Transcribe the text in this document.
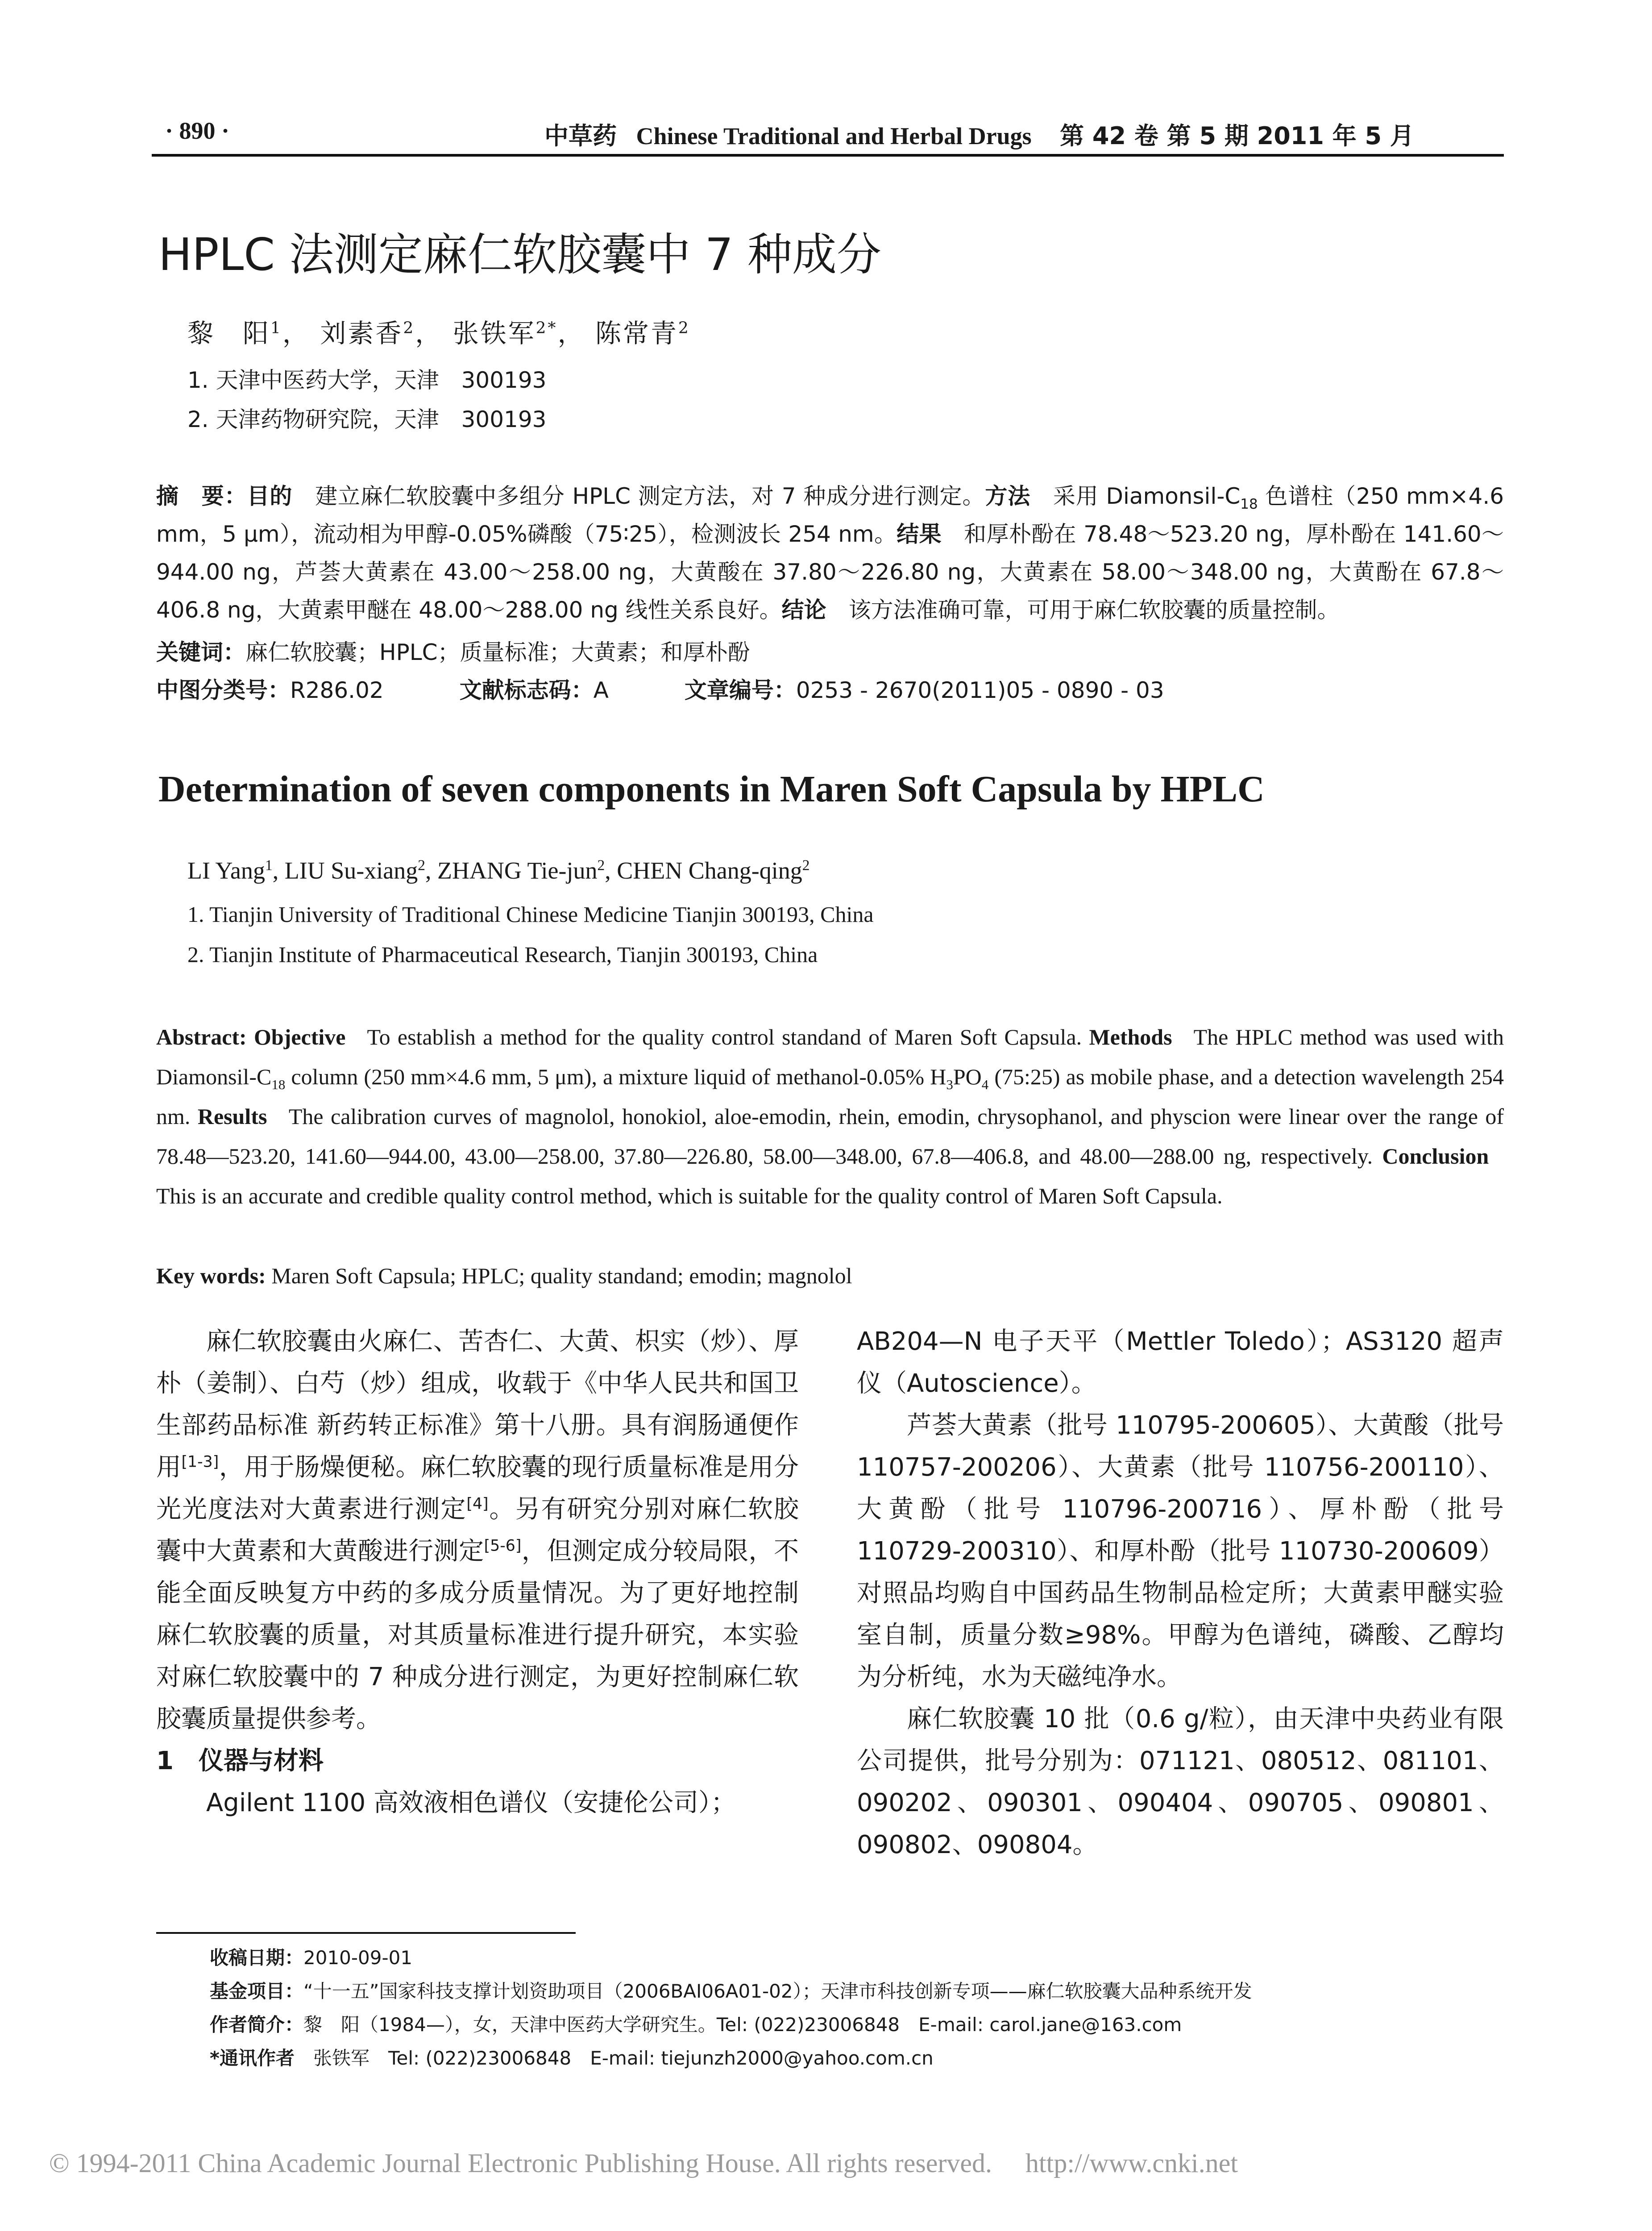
· 890 ·	中草药 Chinese Traditional and Herbal Drugs 第 42 卷 第 5 期 2011 年 5 月
HPLC 法测定麻仁软胶囊中 7 种成分
黎　阳$^1$， 刘素香$^2$， 张铁军$^{2*}$， 陈常青$^2$
1. 天津中医药大学，天津　300193
2. 天津药物研究院，天津　300193
摘　要：目的　 建立麻仁软胶囊中多组分 HPLC 测定方法，对 7 种成分进行测定。方法　 采用 Diamonsil-$C_{18}$ 色谱柱（250 mm×4.6 mm，5 μm），流动相为甲醇-0.05%磷酸（75∶25），检测波长 254 nm。结果　 和厚朴酚在 78.48～523.20 ng，厚朴酚在 141.60～944.00 ng，芦荟大黄素在 43.00～258.00 ng，大黄酸在 37.80～226.80 ng，大黄素在 58.00～348.00 ng，大黄酚在 67.8～406.8 ng，大黄素甲醚在 48.00～288.00 ng 线性关系良好。结论　 该方法准确可靠，可用于麻仁软胶囊的质量控制。
关键词：麻仁软胶囊；HPLC；质量标准；大黄素；和厚朴酚
中图分类号：R286.02	文献标志码：A	文章编号：0253 - 2670(2011)05 - 0890 - 03
Determination of seven components in Maren Soft Capsula by HPLC
LI Yang$^1$, LIU Su-xiang$^2$, ZHANG Tie-jun$^2$, CHEN Chang-qing$^2$
1. Tianjin University of Traditional Chinese Medicine Tianjin 300193, China
2. Tianjin Institute of Pharmaceutical Research, Tianjin 300193, China
Abstract: Objective To establish a method for the quality control standand of Maren Soft Capsula. Methods The HPLC method was used with Diamonsil-$C_{18}$ column (250 mm×4.6 mm, 5 μm), a mixture liquid of methanol-0.05% $H_3PO_4$ (75:25) as mobile phase, and a detection wavelength 254 nm. Results The calibration curves of magnolol, honokiol, aloe-emodin, rhein, emodin, chrysophanol, and physcion were linear over the range of 78.48—523.20, 141.60—944.00, 43.00—258.00, 37.80—226.80, 58.00—348.00, 67.8—406.8, and 48.00—288.00 ng, respectively. Conclusion   This is an accurate and credible quality control method, which is suitable for the quality control of Maren Soft Capsula.
Key words: Maren Soft Capsula; HPLC; quality standand; emodin; magnolol

麻仁软胶囊由火麻仁、苦杏仁、大黄、枳实（炒）、厚朴（姜制）、白芍（炒）组成，收载于《中华人民共和国卫生部药品标准 新药转正标准》第十八册。具有润肠通便作用[1-3]，用于肠燥便秘。麻仁软胶囊的现行质量标准是用分光光度法对大黄素进行测定[4]。另有研究分别对麻仁软胶囊中大黄素和大黄酸进行测定[5-6]，但测定成分较局限，不能全面反映复方中药的多成分质量情况。为了更好地控制麻仁软胶囊的质量，对其质量标准进行提升研究，本实验对麻仁软胶囊中的 7 种成分进行测定，为更好控制麻仁软胶囊质量提供参考。

1　仪器与材料

Agilent 1100 高效液相色谱仪（安捷伦公司）；

AB204—N 电子天平（Mettler Toledo）；AS3120 超声仪（Autoscience）。

芦荟大黄素（批号 110795-200605）、大黄酸（批号 110757-200206）、大黄素（批号 110756-200110）、大黄酚（批号 110796-200716）、厚朴酚（批号 110729-200310）、和厚朴酚（批号 110730-200609）对照品均购自中国药品生物制品检定所；大黄素甲醚实验室自制，质量分数≥98%。甲醇为色谱纯，磷酸、乙醇均为分析纯，水为天磁纯净水。

麻仁软胶囊 10 批（0.6 g/粒），由天津中央药业有限公司提供，批号分别为：071121、080512、081101、090202、090301、090404、090705、090801、090802、090804。

收稿日期：2010-09-01
基金项目：“十一五”国家科技支撑计划资助项目（2006BAI06A01-02）；天津市科技创新专项——麻仁软胶囊大品种系统开发
作者简介：黎　阳（1984—），女，天津中医药大学研究生。Tel: (022)23006848　E-mail: carol.jane@163.com
*通讯作者　张铁军　Tel: (022)23006848　E-mail: tiejunzh2000@yahoo.com.cn
© 1994-2011 China Academic Journal Electronic Publishing House. All rights reserved.　 http://www.cnki.net
